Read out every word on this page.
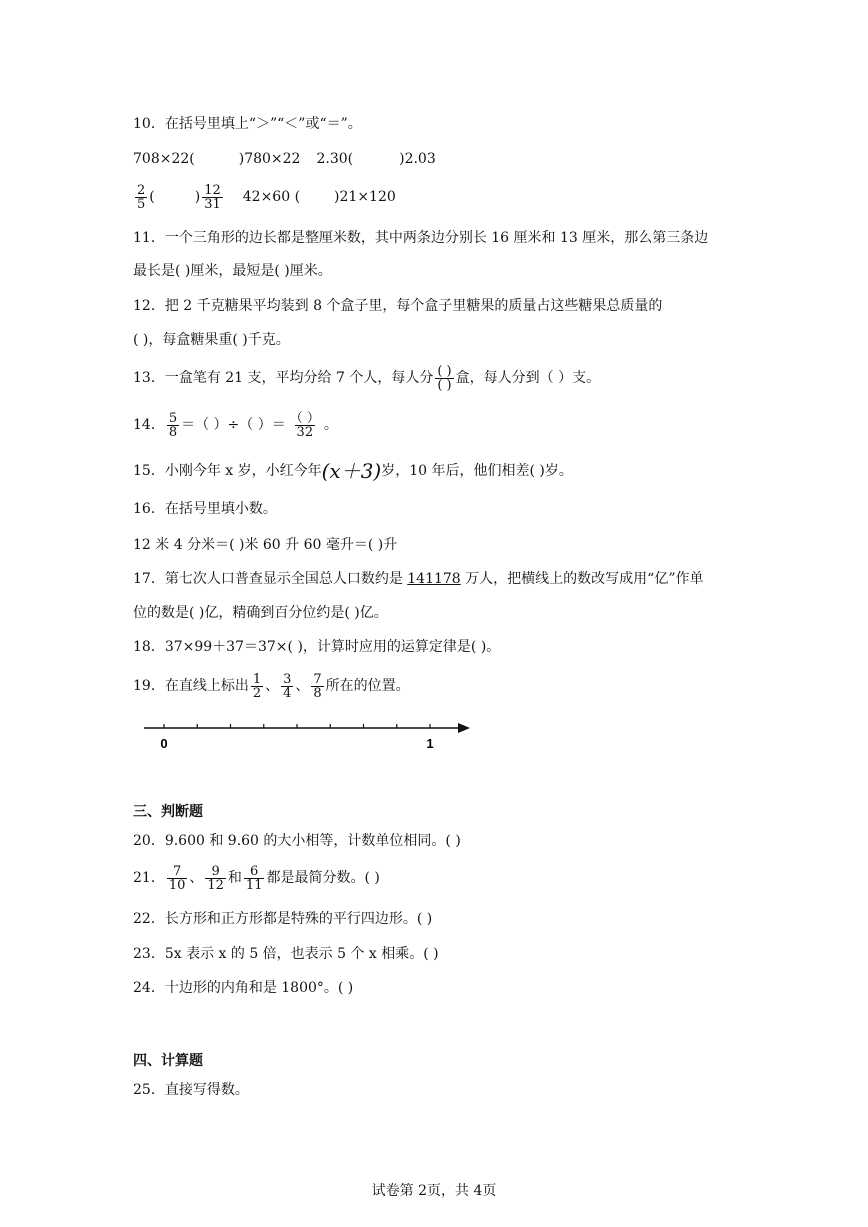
10．在括号里填上“＞”“＜”或“＝”。
708×22(	)780×22 2.30(	)2.03
$\frac{2}{5}$ (	) $\frac{12}{31} 42\times 60$ ( )21×120
11．一个三角形的边长都是整厘米数，其中两条边分别长 16 厘米和 13 厘米，那么第三条边
最长是( )厘米，最短是( )厘米。
12．把 2 千克糖果平均装到 8 个盒子里，每个盒子里糖果的质量占这些糖果总质量的
( )，每盒糖果重( )千克。
13．一盒笔有 21 支，平均分给 7 个人，每人分 $\frac{( )}{( )}$ 盒，每人分到（ ）支。
14． $\frac{5}{8}$ ＝（ ）÷（ ）＝ $\frac{( )}{32}$ 。
15．小刚今年 x 岁，小红今年(x＋3)岁，10 年后，他们相差( )岁。
16．在括号里填小数。
12 米 4 分米＝( )米 60 升 60 毫升＝( )升
17．第七次人口普查显示全国总人口数约是 141178 万人，把横线上的数改写成用“亿”作单
位的数是( )亿，精确到百分位约是( )亿。
18．37×99＋37＝37×( )，计算时应用的运算定律是( )。
19．在直线上标出 $\frac{1}{2}$ 、 $\frac{3}{4}$ 、 $\frac{7}{8}$ 所在的位置。
0	1
三、判断题
20．9.600 和 9.60 的大小相等，计数单位相同。( )
21． $\frac{7}{10}$ 、 $\frac{9}{12}$ 和 $\frac{6}{11}$ 都是最简分数。( )
22．长方形和正方形都是特殊的平行四边形。( )
23．5x 表示 x 的 5 倍，也表示 5 个 x 相乘。( )
24．十边形的内角和是 1800°。( )
四、计算题
25．直接写得数。
试卷第 2页，共 4页
